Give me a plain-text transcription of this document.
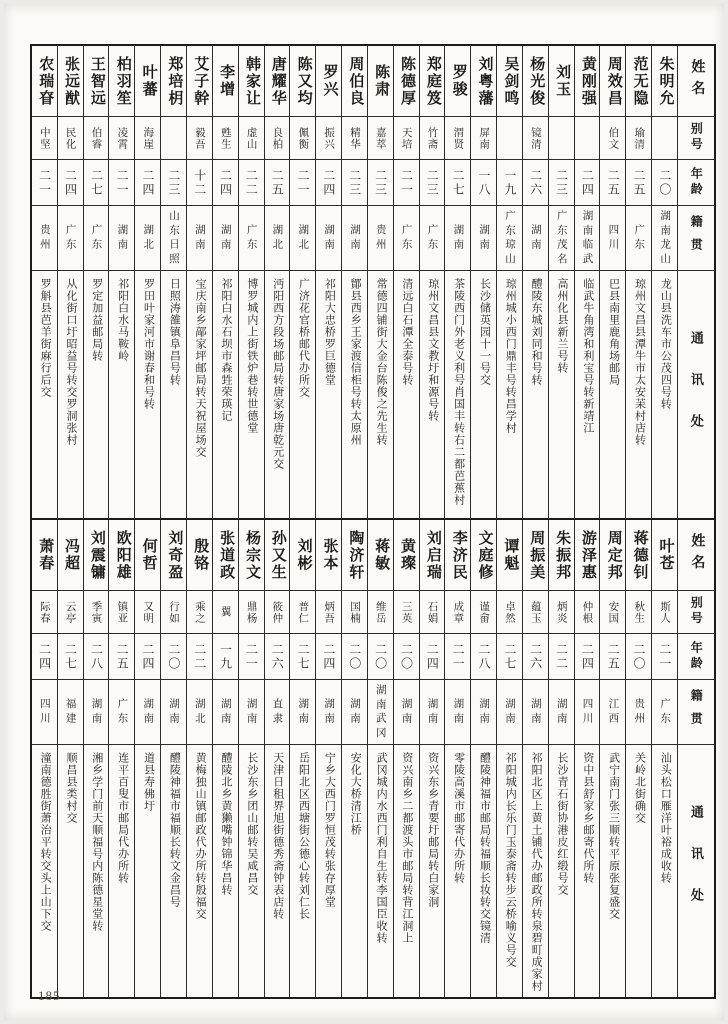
姓名
别号
年龄
籍贯
通讯处
朱明允
二〇
湖南龙山
龙山县洗车市公茂四号转
范无隐
瑜清
二五
广东
琼州文昌县潭牛市太安苿村店转
周效昌
伯文
二五
四川
巴县南里鹿角场邮局
黄刚强
二四
湖南临武
临武牛角湾和利宝号转新靖江
刘玉
二三
广东茂名
高州化县新兰号转
杨光俊
镜清
二六
湖南
醴陵东城刘同和号转
吴剑鸣
一九
广东琼山
琼州城小西门鼎丰号转昌学村
刘粤藩
屏南
一八
湖南
长沙储英园十一号交
罗骏
渭贤
二七
湖南
茶陵西门外老义利号肖国丰转右二都芭蕉村
郑庭笈
竹斋
二三
广东
琼州文昌县文教圩和源号转
陈德厚
天培
二一
广东
清远白石潭全泰号转
陈肃
嘉萃
二三
贵州
常德四铺街大金台陈俊之先生转
周伯良
精华
二三
湖南
鄮县西乡王家渡信柜号转太原州
罗兴
振兴
二四
湖南
祁阳大忠桥罗巨德堂
陈又均
佩衡
二一
湖北
广济花官桥邮代办所交
唐耀华
良柏
二五
湖北
沔阳西方段场邮局转唐家场唐乾元交
韩家让
虚山
二二
广东
博罗城内上街铁炉巷转世德堂
李增
甦生
二四
湖南
祁阳白水石坝市森甡荣瑛记
艾子幹
毅吾
十二
湖南
宝庆南乡鄗家坪邮局转天祝屋场交
郑培枂
二三
山东日照
日照涛雒镇阜昌号转
叶蕃
海崖
二四
湖北
罗田叶家河市谢春和号转
柏羽笙
凌霄
二一
湖南
祁阳白水马鞍岭
王智远
伯睿
二七
广东
罗定加益邮局转
张远猷
民化
二四
广东
从化街口圩昭益号转交罗洞张村
农瑞眘
中坚
二一
贵州
罗斛县芭羊街麻行后交
姓名
别号
年龄
籍贯
通讯处
叶苍
斯人
二一
广东
汕头松口雁洋叶裕成收转
蒋德钊
秋生
二〇
贵州
关岭北街确交
周定邦
安国
二五
江西
武宁南门张三顺转平原张复盛交
游泽惠
仲根
二四
四川
资中县舒家乡邮寄代所转
朱振邦
炳炎
二二
湖南
长沙青石街协港皮红缎号交
周振美
蕴玉
二六
湖南
祁阳北区上黄土铺代办邮政所转泉碧町成家村
谭魁
卓然
二七
湖南
祁阳城内长乐门玉泰斋转步云桥喻义号交
文庭修
谨畲
二八
湖南
醴陵神福市邮局转福顺长妆转交镜清
李济民
成章
二一
湖南
零陵高溪市邮寄代办所转
刘启瑞
石娟
二四
湖南
资兴东乡青要圩邮局转白家洞
黄璨
三英
二〇
湖南
资兴南乡二都渡头市邮局转背江洞上
蒋敏
维岳
二〇
湖南武冈
武冈城内水西门利自生转李国臣收转
陶济轩
国楠
二〇
湖南
安化大桥清江桥
张本
炳吾
二四
湖南
宁乡大西门罗恒茂转张存厚堂
刘彬
普仁
二七
湖南
岳阳北区西塘街公德心转刘仁长
孙又生
筱仲
二六
直隶
天津日租界旭街德秀斋钟表店转
杨宗文
鼎杨
二一
湖南
长沙东乡团山邮转吴咸昌交
张道政
翼
一九
湖南
醴陵北乡黄獭嘴钟锦华昌转
殷铬
乘之
二二
湖北
黄梅独山镇邮政代办所转殷福交
刘奇盈
行如
二〇
湖南
醴陵神福市福顺长转文金昌号
何哲
又明
二四
湖南
道县寿佛圩
欧阳雄
镇亚
二五
广东
连平百叟市邮局代办所转
刘震镛
季寅
二八
湖南
湘乡学门前天顺福号内陈德星堂转
冯超
云亭
二七
福建
顺昌县类村交
萧春
际春
二四
四川
潼南德胜街萧治平转交头上山下交
185
